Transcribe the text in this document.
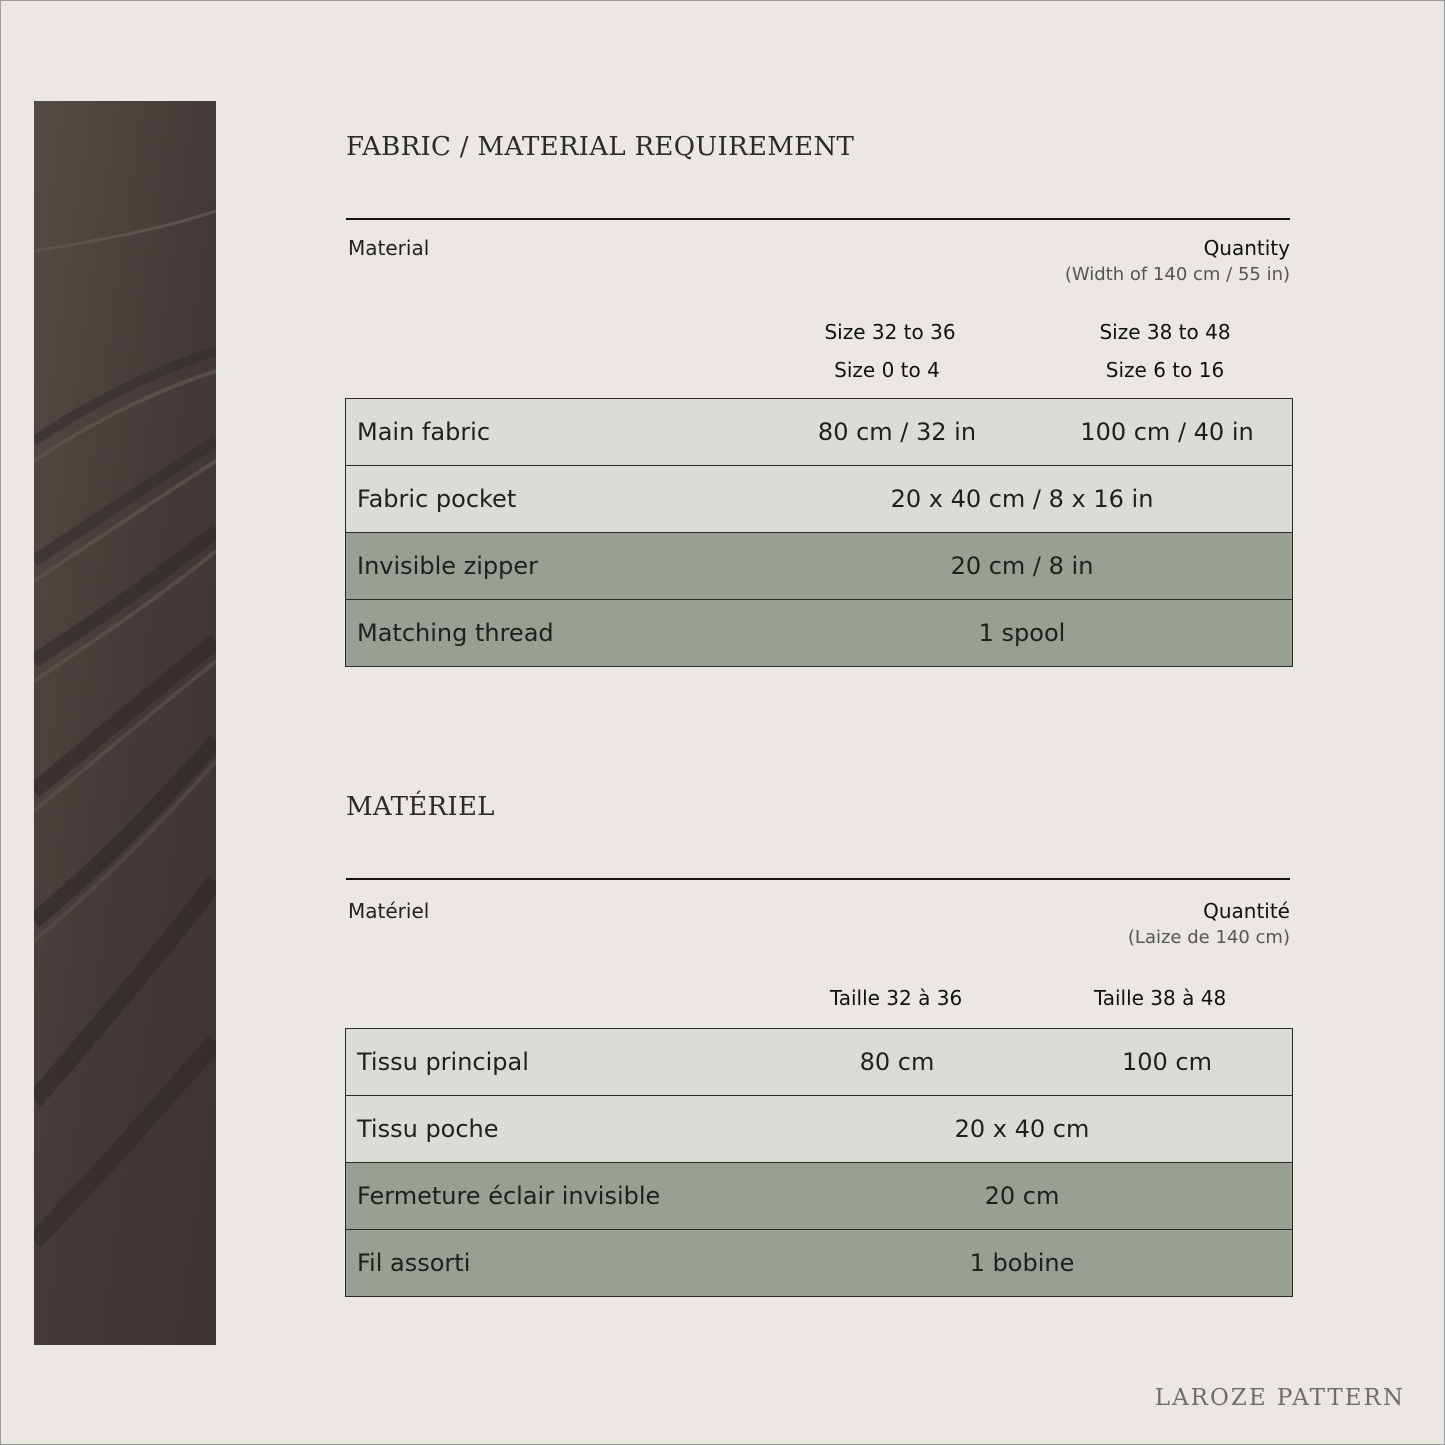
FABRIC / MATERIAL REQUIREMENT
Material	Quantity
(Width of 140 cm / 55 in)
Size 32 to 36
Size 0 to 4
Size 38 to 48
Size 6 to 16
Main fabric	80 cm / 32 in	100 cm / 40 in

Fabric pocket	20 x 40 cm / 8 x 16 in

Invisible zipper	20 cm / 8 in

Matching thread	1 spool
MATÉRIEL
Matériel	Quantité
(Laize de 140 cm)
Taille 32 à 36	Taille 38 à 48
Tissu principal	80 cm	100 cm

Tissu poche	20 x 40 cm

Fermeture éclair invisible	20 cm

Fil assorti	1 bobine
LAROZE PATTERN
